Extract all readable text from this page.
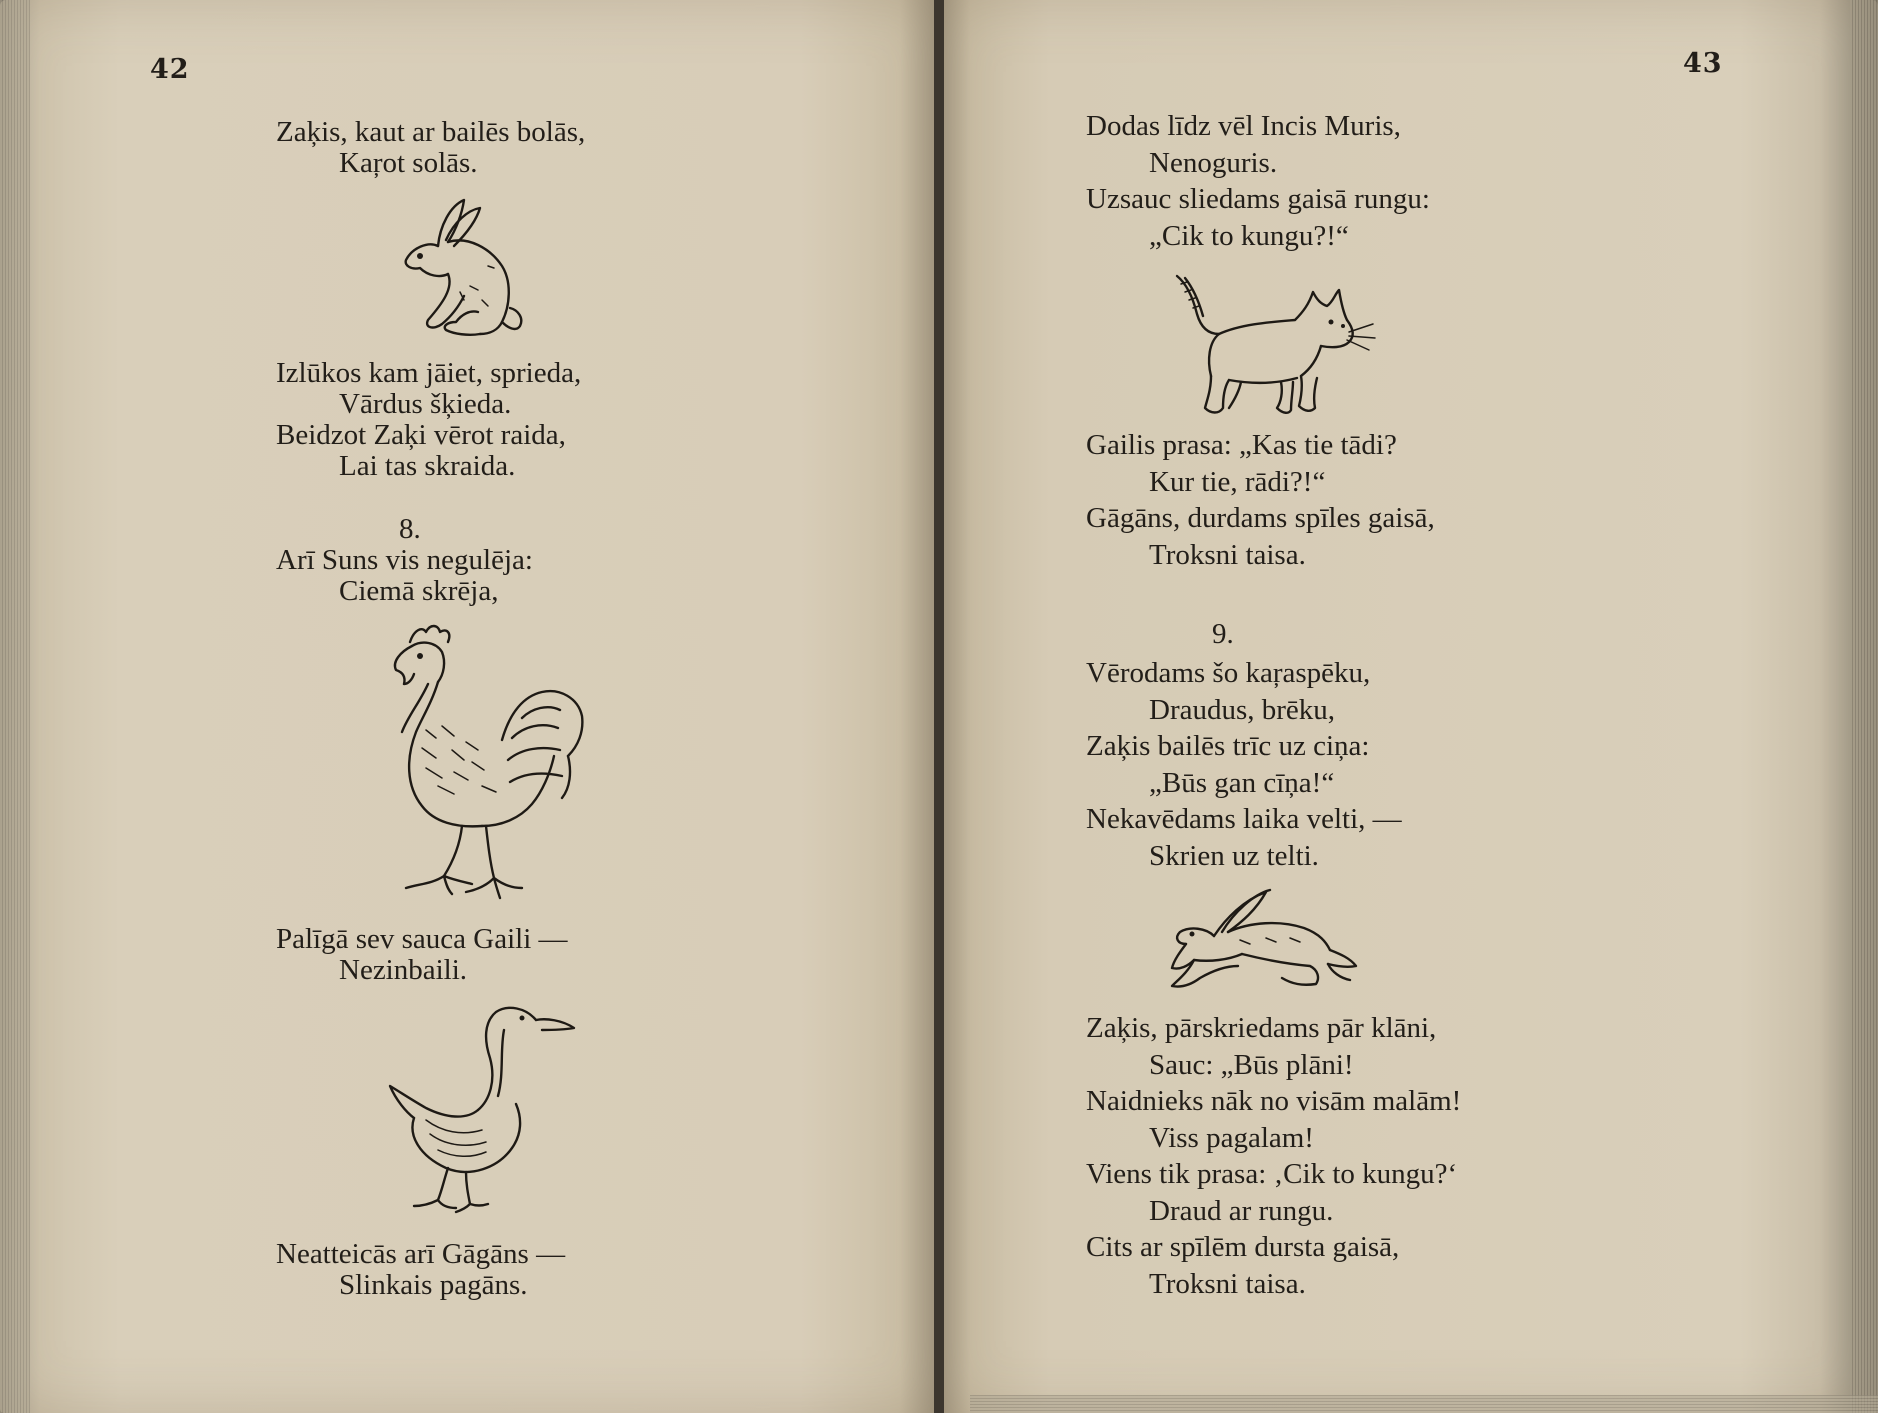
42
Zaķis, kaut ar bailēs bolās,
Kaŗot solās.
Izlūkos kam jāiet, sprieda,
Vārdus šķieda.
Beidzot Zaķi vērot raida,
Lai tas skraida.
8.
Arī Suns vis negulēja:
Ciemā skrēja,
Palīgā sev sauca Gaili —
Nezinbaili.
Neatteicās arī Gāgāns —
Slinkais pagāns.
43
Dodas līdz vēl Incis Muris,
Nenoguris.
Uzsauc sliedams gaisā rungu:
„Cik to kungu?!“
Gailis prasa: „Kas tie tādi?
Kur tie, rādi?!“
Gāgāns, durdams spīles gaisā,
Troksni taisa.
9.
Vērodams šo kaŗaspēku,
Draudus, brēku,
Zaķis bailēs trīc uz ciņa:
„Būs gan cīņa!“
Nekavēdams laika velti, —
Skrien uz telti.
Zaķis, pārskriedams pār klāni,
Sauc: „Būs plāni!
Naidnieks nāk no visām malām!
Viss pagalam!
Viens tik prasa: ‚Cik to kungu?‘
Draud ar rungu.
Cits ar spīlēm dursta gaisā,
Troksni taisa.
